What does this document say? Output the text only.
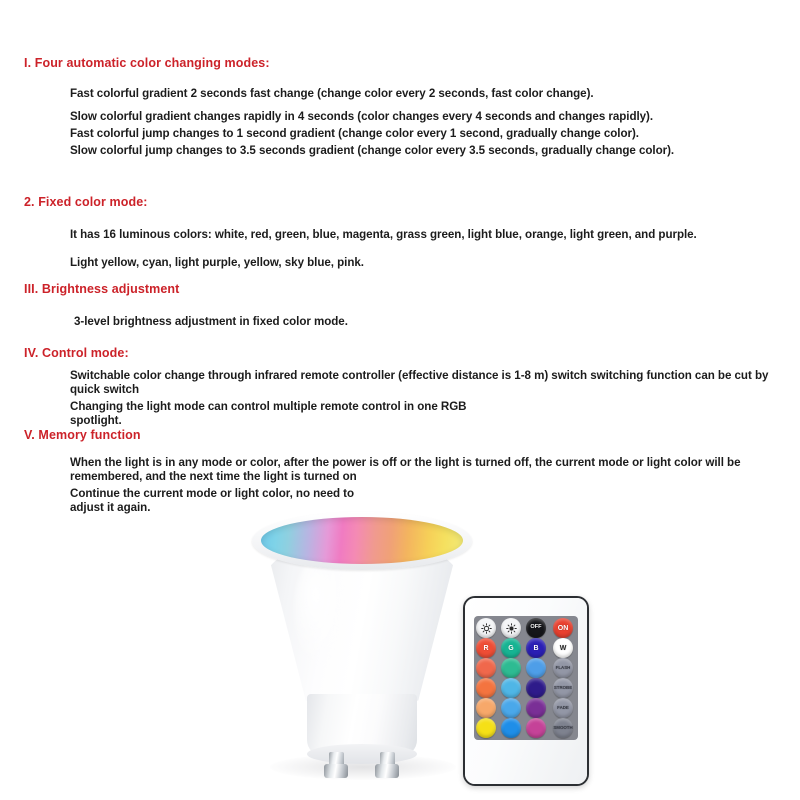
I. Four automatic color changing modes:
Fast colorful gradient 2 seconds fast change (change color every 2 seconds, fast color change).
Slow colorful gradient changes rapidly in 4 seconds (color changes every 4 seconds and changes rapidly).
Fast colorful jump changes to 1 second gradient (change color every 1 second, gradually change color).
Slow colorful jump changes to 3.5 seconds gradient (change color every 3.5 seconds, gradually change color).
2. Fixed color mode:
It has 16 luminous colors: white, red, green, blue, magenta, grass green, light blue, orange, light green, and purple.
Light yellow, cyan, light purple, yellow, sky blue, pink.
III. Brightness adjustment
3-level brightness adjustment in fixed color mode.
IV. Control mode:
Switchable color change through infrared remote controller (effective distance is 1-8 m) switch switching function can be cut by quick switch
Changing the light mode can control multiple remote control in one RGB spotlight.
V. Memory function
When the light is in any mode or color, after the power is off or the light is turned off, the current mode or light color will be remembered, and the next time the light is turned on
Continue the current mode or light color, no need to adjust it again.
OFF ON
R	G	B	W
FLASH
STROBE
FADE
SMOOTH
